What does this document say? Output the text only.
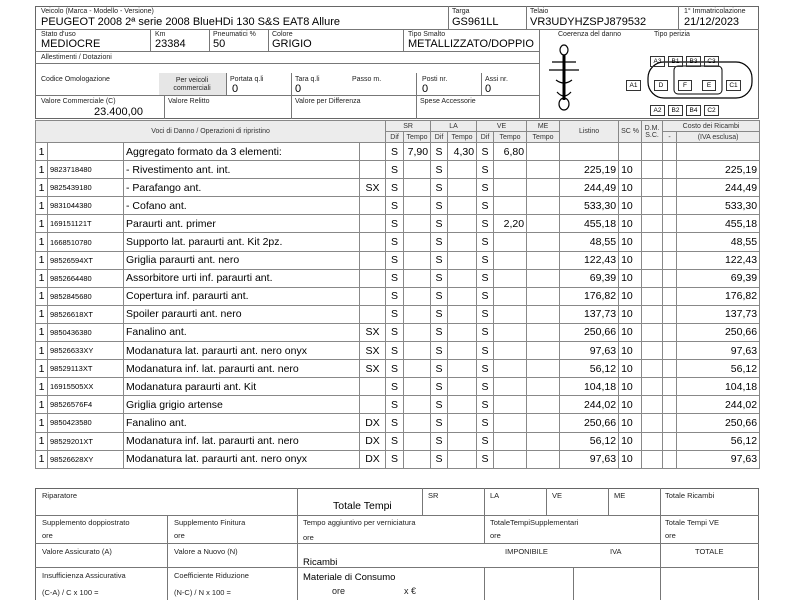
Veicolo (Marca - Modello - Versione)
PEUGEOT 2008 2ª serie 2008 BlueHDi 130 S&S EAT8 Allure
Targa
GS961LL
Telaio
VR3UDYHZSPJ879532
1° Immatricolazione
21/12/2023
Stato d'uso
MEDIOCRE
Km
23384
Pneumatici %
50
Colore
GRIGIO
Tipo Smalto
METALLIZZATO/DOPPIO
Coerenza del danno	Tipo perizia
Allestimenti / Dotazioni
Codice Omologazione	Per veicoli commerciali
Portata q.li
0
Tara q.li
0
Passo m.	Posti nr.
0
Assi nr.
0
Valore Commerciale (C)
23.400,00
Valore Relitto	Valore per Differenza	Spese Accessorie
A3	B1	B3	C3
A1	D	F	E	C1
A2	B2	B4	C2
Voci di Danno / Operazioni di ripristino				SR		LA		VE		ME	Listino	SC %	D.M. S.C.	Costo dei Ricambi	
				Dif	Tempo	Dif	Tempo	Dif	Tempo	Tempo				-	(IVA esclusa)
1		Aggregato formato da 3 elementi:		S	7,90	S	4,30	S	6,80						
1	9823718480	- Rivestimento ant. int.		S		S		S			225,19	10			225,19
1	9825439180	- Parafango ant.	SX	S		S		S			244,49	10			244,49
1	9831044380	- Cofano ant.		S		S		S			533,30	10			533,30
1	169151121T	Paraurti ant. primer		S		S		S	2,20		455,18	10			455,18
1	1668510780	Supporto lat. paraurti ant. Kit 2pz.		S		S		S			48,55	10			48,55
1	98526594XT	Griglia paraurti ant. nero		S		S		S			122,43	10			122,43
1	9852664480	Assorbitore urti inf. paraurti ant.		S		S		S			69,39	10			69,39
1	9852845680	Copertura inf. paraurti ant.		S		S		S			176,82	10			176,82
1	98526618XT	Spoiler paraurti ant. nero		S		S		S			137,73	10			137,73
1	9850436380	Fanalino ant.	SX	S		S		S			250,66	10			250,66
1	98526633XY	Modanatura lat. paraurti ant. nero onyx	SX	S		S		S			97,63	10			97,63
1	98529113XT	Modanatura inf. lat. paraurti ant. nero	SX	S		S		S			56,12	10			56,12
1	16915505XX	Modanatura paraurti ant. Kit		S		S		S			104,18	10			104,18
1	98526576F4	Griglia grigio artense		S		S		S			244,02	10			244,02
1	9850423580	Fanalino ant.	DX	S		S		S			250,66	10			250,66
1	98529201XT	Modanatura inf. lat. paraurti ant. nero	DX	S		S		S			56,12	10			56,12
1	98526628XY	Modanatura lat. paraurti ant. nero onyx	DX	S		S		S			97,63	10			97,63
Riparatore
Totale Tempi
SR	LA	VE	ME	Totale Ricambi
Supplemento doppiostrato
ore
Supplemento Finitura
ore
Tempo aggiuntivo per verniciatura
ore
TotaleTempiSupplementari
ore
Totale Tempi VE
ore
Valore Assicurato (A)	Valore a Nuovo (N)	IMPONIBILE	IVA	TOTALE
Ricambi
Insufficienza Assicurativa	Coefficiente Riduzione	Materiale di Consumo
ore	x €
(C-A) / C x 100 =	(N-C) / N x 100 =
